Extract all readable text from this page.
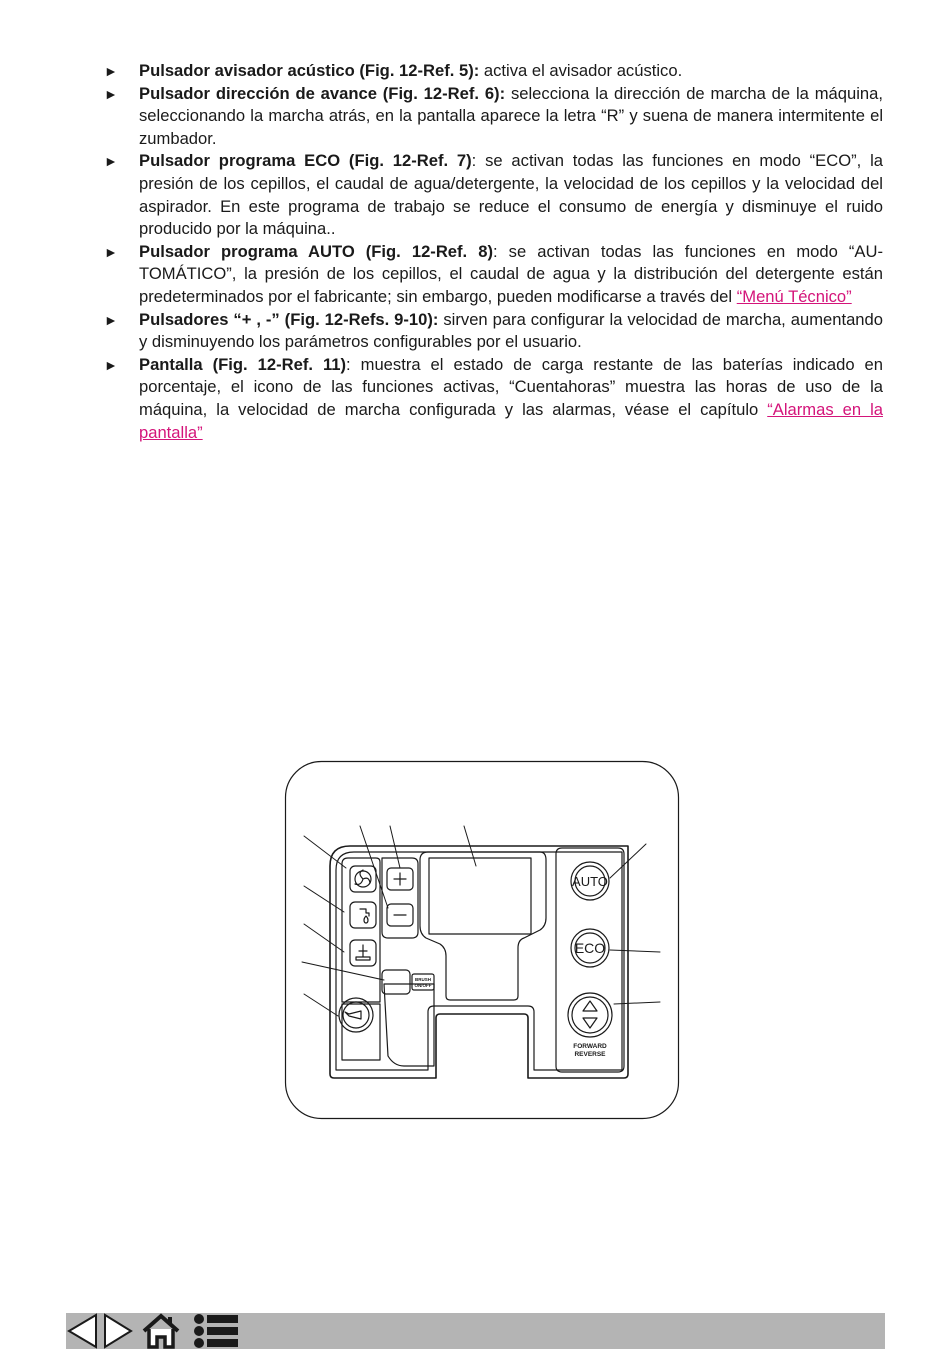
► Pulsador avisador acústico (Fig. 12-Ref. 5): activa el avisador acústico.
► Pulsador dirección de avance (Fig. 12-Ref. 6): selecciona la dirección de marcha de la máquina, seleccionando la marcha atrás, en la pantalla aparece la letra “R” y suena de manera intermitente el zumbador.
► Pulsador programa ECO (Fig. 12-Ref. 7): se activan todas las funciones en modo “ECO”, la presión de los cepillos, el caudal de agua/detergente, la velocidad de los cepillos y la velocidad del aspirador. En este programa de trabajo se reduce el consumo de energía y disminuye el ruido producido por la máquina..
► Pulsador programa AUTO (Fig. 12-Ref. 8): se activan todas las funciones en modo “AU-TOMÁTICO”, la presión de los cepillos, el caudal de agua y la distribución del detergente están predeterminados por el fabricante; sin embargo, pueden modificarse a través del “Menú Técnico”
► Pulsadores “+ , -” (Fig. 12-Refs. 9-10): sirven para configurar la velocidad de marcha, aumentando y disminuyendo los parámetros configurables por el usuario.
► Pantalla (Fig. 12-Ref. 11): muestra el estado de carga restante de las baterías indicado en porcentaje, el icono de las funciones activas, “Cuentahoras” muestra las horas de uso de la máquina, la velocidad de marcha configurada y las alarmas, véase el capítulo “Alarmas en la pantalla”
AUTO
ECO
FORWARD
REVERSE
BRUSH
ON/OFF
